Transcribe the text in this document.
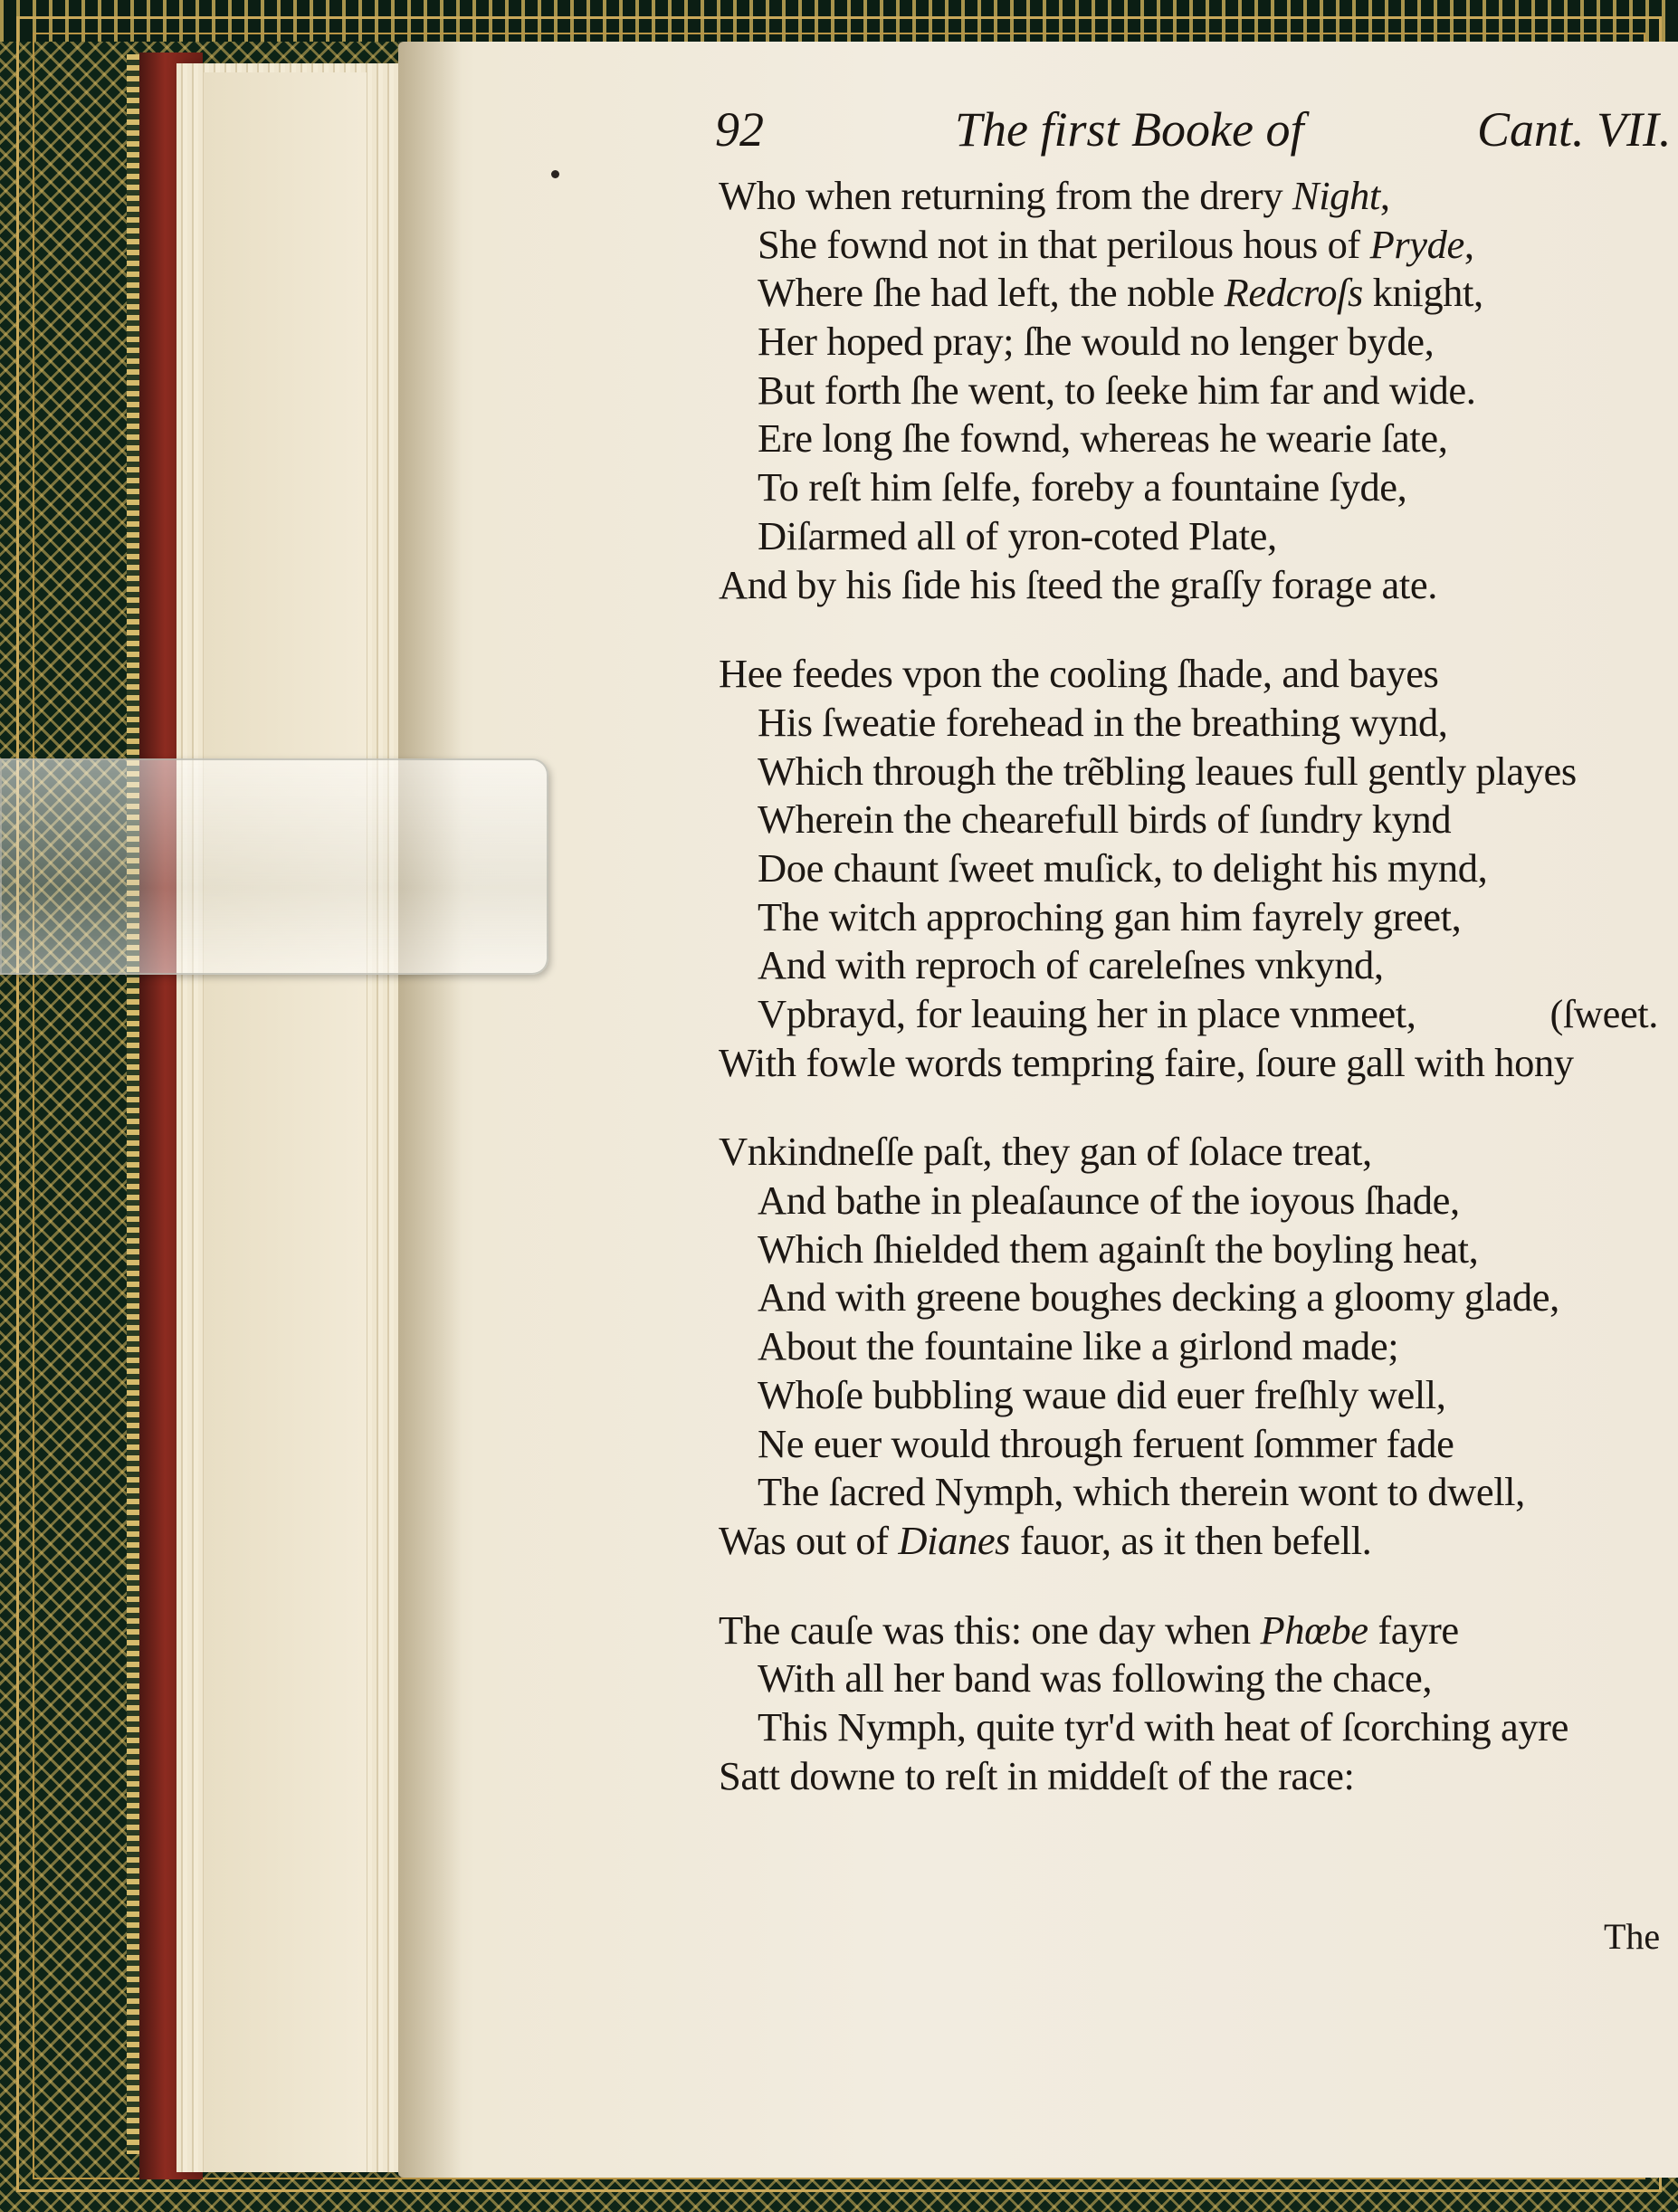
92	The first Booke of	Cant. VII.
Who when returning from the drery Night,
She fownd not in that perilous hous of Pryde,
Where ſhe had left, the noble Redcroſs knight,
Her hoped pray; ſhe would no lenger byde,
But forth ſhe went, to ſeeke him far and wide.
Ere long ſhe fownd, whereas he wearie ſate,
To reſt him ſelfe, foreby a fountaine ſyde,
Diſarmed all of yron-coted Plate,
And by his ſide his ſteed the graſſy forage ate.
Hee feedes vpon the cooling ſhade, and bayes
His ſweatie forehead in the breathing wynd,
Which through the trẽbling leaues full gently playes
Wherein the chearefull birds of ſundry kynd
Doe chaunt ſweet muſick, to delight his mynd,
The witch approching gan him fayrely greet,
And with reproch of careleſnes vnkynd,
Vpbrayd, for leauing her in place vnmeet,	(ſweet.
With fowle words tempring faire, ſoure gall with hony
Vnkindneſſe paſt, they gan of ſolace treat,
And bathe in pleaſaunce of the ioyous ſhade,
Which ſhielded them againſt the boyling heat,
And with greene boughes decking a gloomy glade,
About the fountaine like a girlond made;
Whoſe bubbling waue did euer freſhly well,
Ne euer would through feruent ſommer fade
The ſacred Nymph, which therein wont to dwell,
Was out of Dianes fauor, as it then befell.
The cauſe was this: one day when Phœbe fayre
With all her band was following the chace,
This Nymph, quite tyr'd with heat of ſcorching ayre
Satt downe to reſt in middeſt of the race:
The
